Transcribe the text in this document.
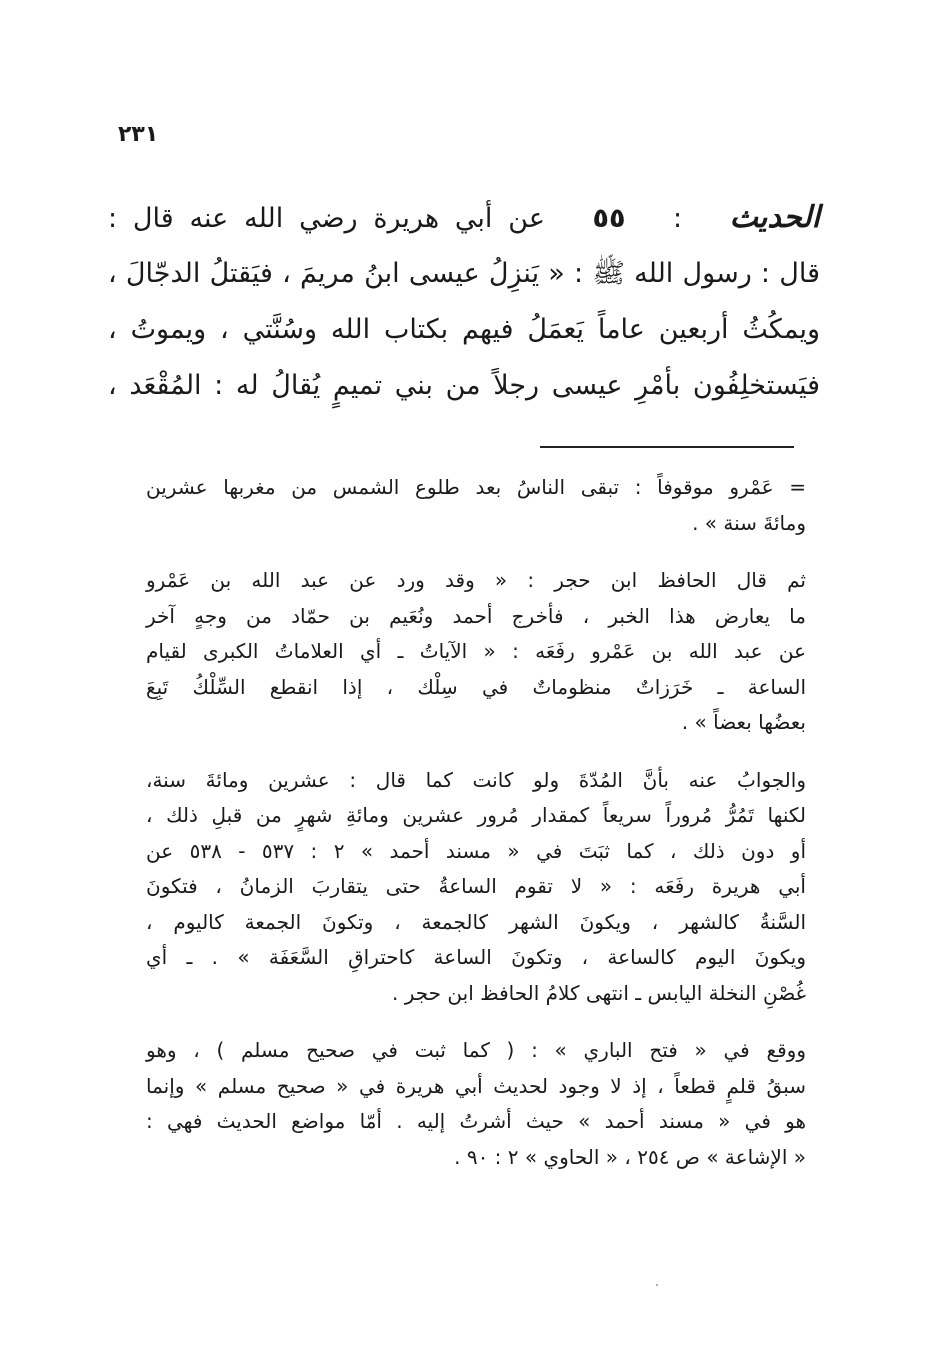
٢٣١
الحديث   :   ٥٥   عن أبي هريرة رضي الله عنه قال :
قال : رسول الله ﷺ : « يَنزِلُ عيسى ابنُ مريمَ ، فيَقتلُ الدجّالَ ،
ويمكُثُ أربعين عاماً يَعمَلُ فيهم بكتاب الله وسُنَّتي ، ويموتُ ،
فيَستخلِفُون بأمْرِ عيسى رجلاً من بني تميمٍ يُقالُ له : المُقْعَد ،
= عَمْرو موقوفاً : تبقى الناسُ بعد طلوع الشمس من مغربها عشرين
ومائةَ سنة » .
ثم قال الحافظ ابن حجر : « وقد ورد عن عبد الله بن عَمْرو
ما يعارض هذا الخبر ، فأخرج أحمد ونُعَيم بن حمّاد من وجهٍ آخر
عن عبد الله بن عَمْرو رفَعَه : « الآياتُ ـ أي العلاماتُ الكبرى لقيام
الساعة ـ خَرَزاتٌ منظوماتٌ في سِلْك ، إذا انقطع السِّلْكُ تَبِعَ
بعضُها بعضاً » .
والجوابُ عنه بأنَّ المُدّةَ ولو كانت كما قال : عشرين ومائةَ سنة،
لكنها تَمُرُّ مُروراً سريعاً كمقدار مُرور عشرين ومائةِ شهرٍ من قبلِ ذلك ،
أو دون ذلك ، كما ثبَتَ في « مسند أحمد » ٢ : ٥٣٧ - ٥٣٨ عن
أبي هريرة رفَعَه : « لا تقوم الساعةُ حتى يتقاربَ الزمانُ ، فتكونَ
السَّنةُ كالشهر ، ويكونَ الشهر كالجمعة ، وتكونَ الجمعة كاليوم ،
ويكونَ اليوم كالساعة ، وتكونَ الساعة كاحتراقِ السَّعَفَة » . ـ أي
غُصْنِ النخلة اليابس ـ انتهى كلامُ الحافظ ابن حجر .
ووقع في « فتح الباري » : ( كما ثبت في صحيح مسلم ) ، وهو
سبقُ قلمٍ قطعاً ، إذ لا وجود لحديث أبي هريرة في « صحيح مسلم » وإنما
هو في « مسند أحمد » حيث أشرتُ إليه . أمّا مواضع الحديث فهي :
« الإشاعة » ص ٢٥٤ ، « الحاوي » ٢ : ٩٠ .
